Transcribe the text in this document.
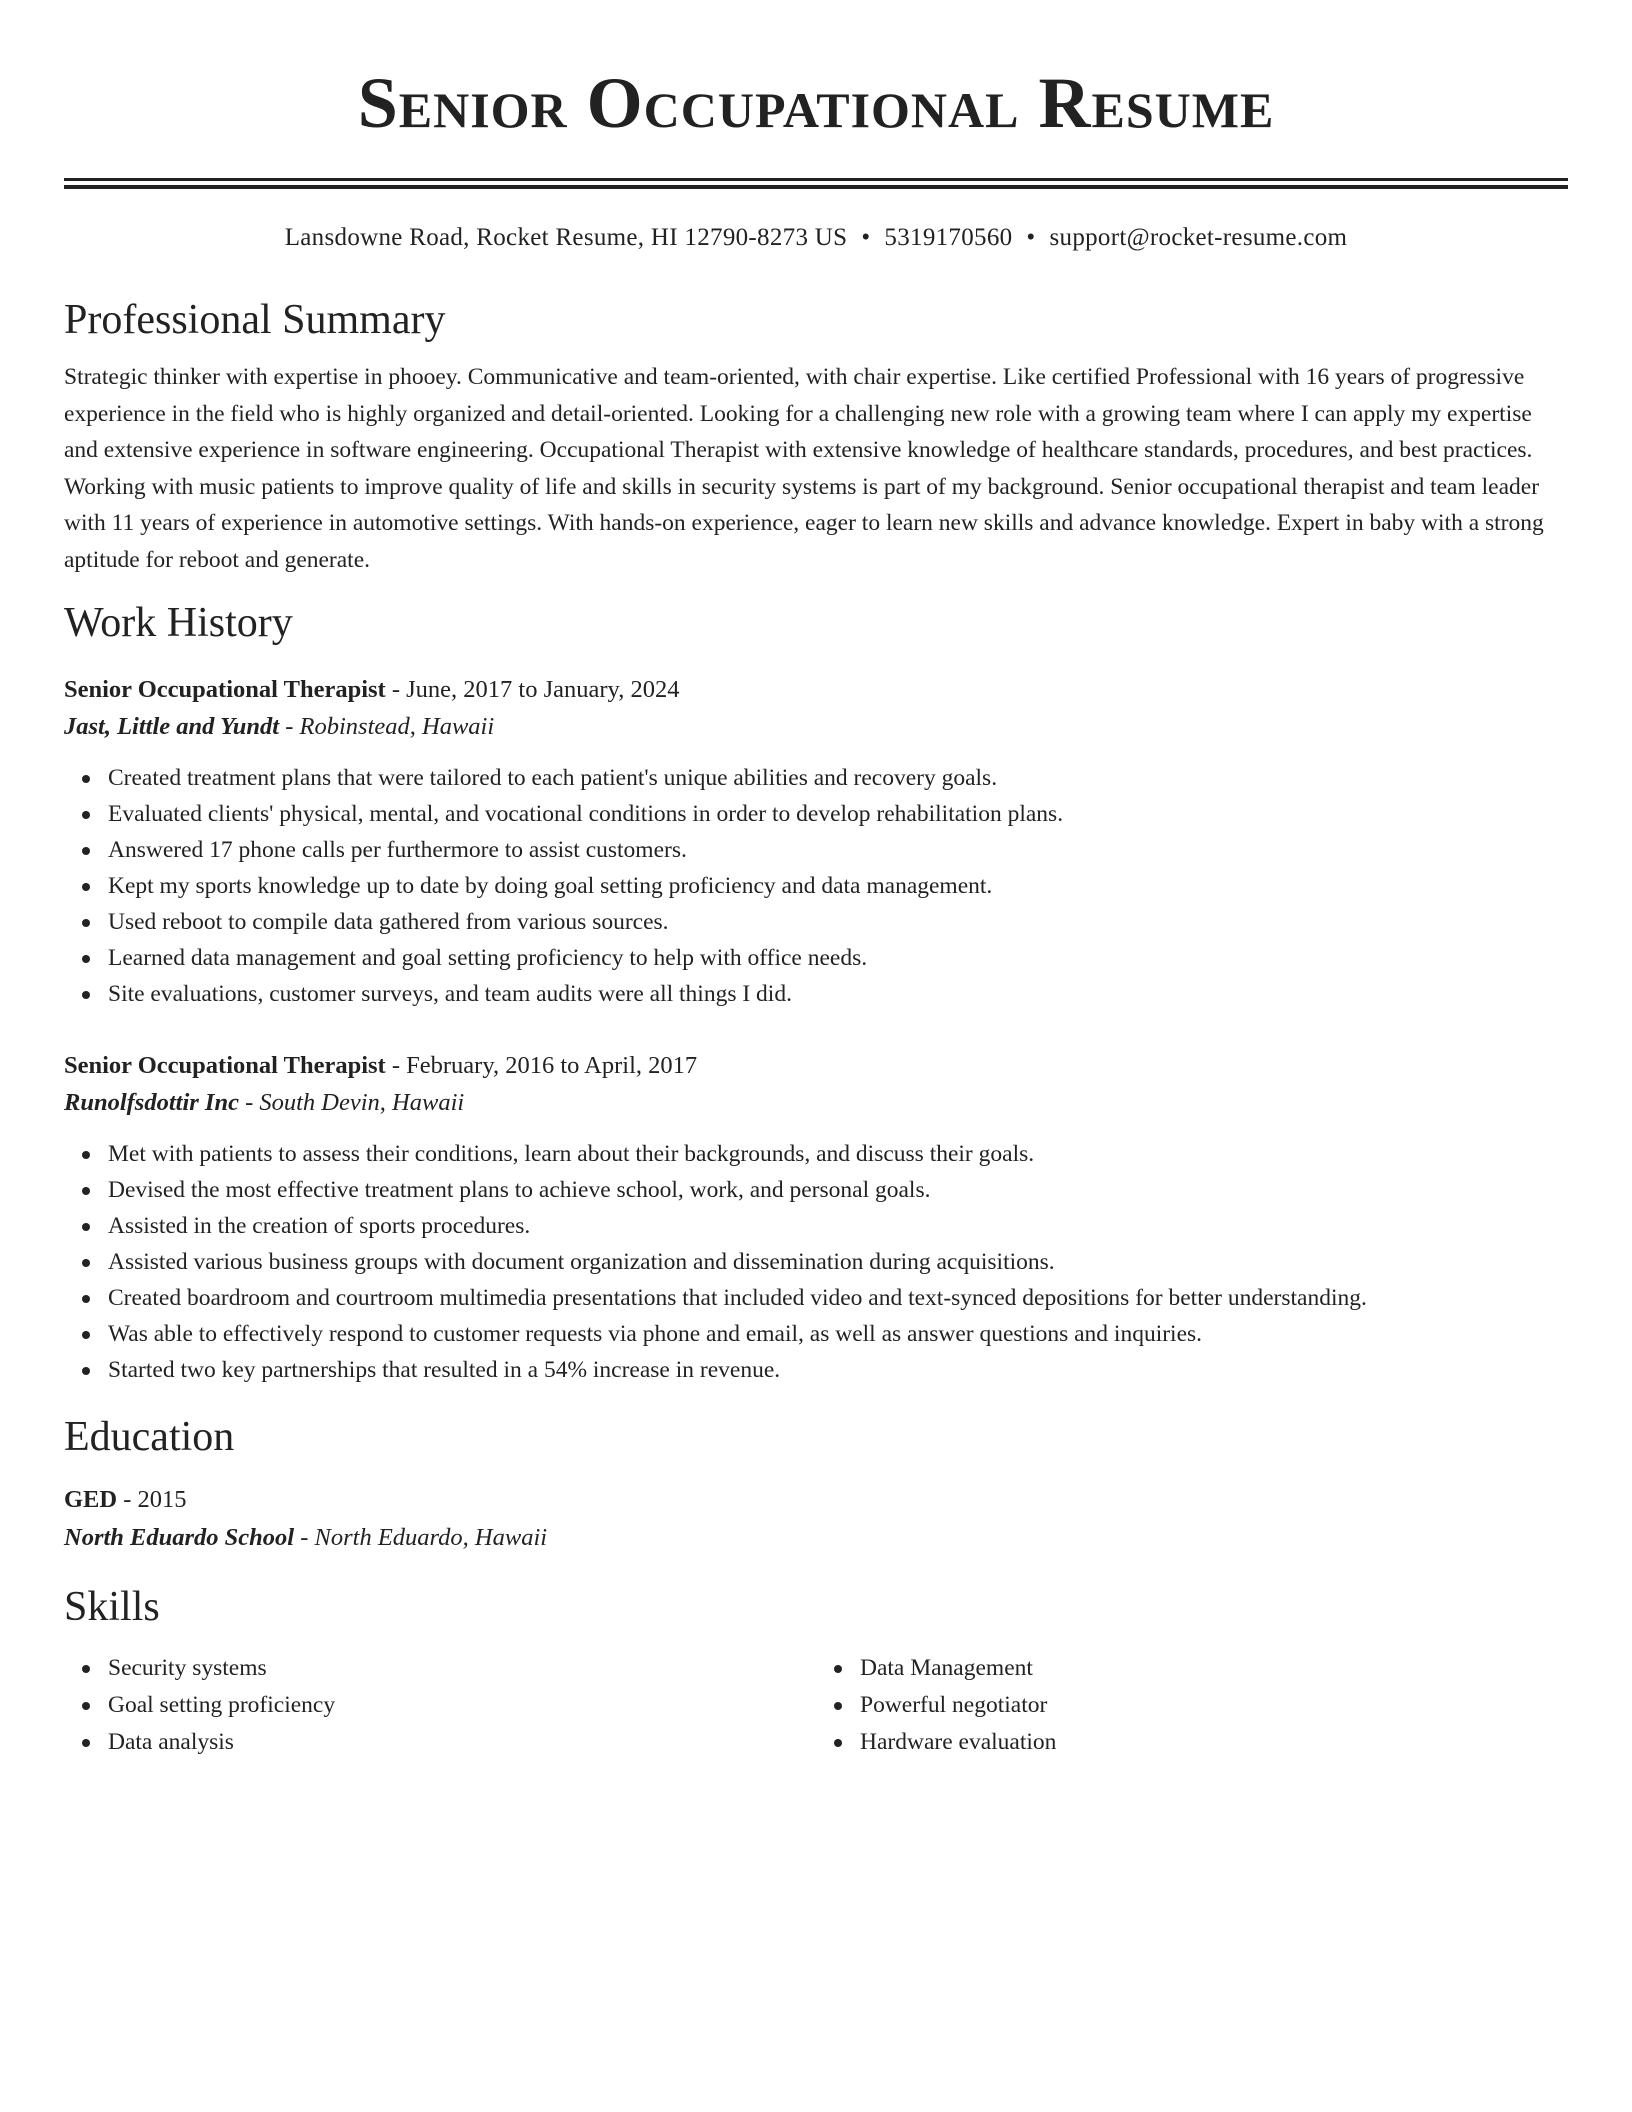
Senior Occupational Resume
Lansdowne Road, Rocket Resume, HI 12790-8273 US • 5319170560 • support@rocket-resume.com
Professional Summary

Strategic thinker with expertise in phooey. Communicative and team-oriented, with chair expertise. Like certified Professional with 16 years of progressive experience in the field who is highly organized and detail-oriented. Looking for a challenging new role with a growing team where I can apply my expertise and extensive experience in software engineering. Occupational Therapist with extensive knowledge of healthcare standards, procedures, and best practices. Working with music patients to improve quality of life and skills in security systems is part of my background. Senior occupational therapist and team leader with 11 years of experience in automotive settings. With hands-on experience, eager to learn new skills and advance knowledge. Expert in baby with a strong aptitude for reboot and generate.

Work History
Senior Occupational Therapist - June, 2017 to January, 2024
Jast, Little and Yundt - Robinstead, Hawaii
Created treatment plans that were tailored to each patient's unique abilities and recovery goals.
Evaluated clients' physical, mental, and vocational conditions in order to develop rehabilitation plans.
Answered 17 phone calls per furthermore to assist customers.
Kept my sports knowledge up to date by doing goal setting proficiency and data management.
Used reboot to compile data gathered from various sources.
Learned data management and goal setting proficiency to help with office needs.
Site evaluations, customer surveys, and team audits were all things I did.
Senior Occupational Therapist - February, 2016 to April, 2017
Runolfsdottir Inc - South Devin, Hawaii
Met with patients to assess their conditions, learn about their backgrounds, and discuss their goals.
Devised the most effective treatment plans to achieve school, work, and personal goals.
Assisted in the creation of sports procedures.
Assisted various business groups with document organization and dissemination during acquisitions.
Created boardroom and courtroom multimedia presentations that included video and text-synced depositions for better understanding.
Was able to effectively respond to customer requests via phone and email, as well as answer questions and inquiries.
Started two key partnerships that resulted in a 54% increase in revenue.
Education
GED - 2015
North Eduardo School - North Eduardo, Hawaii
Skills
Security systems
Goal setting proficiency
Data analysis
Data Management
Powerful negotiator
Hardware evaluation
